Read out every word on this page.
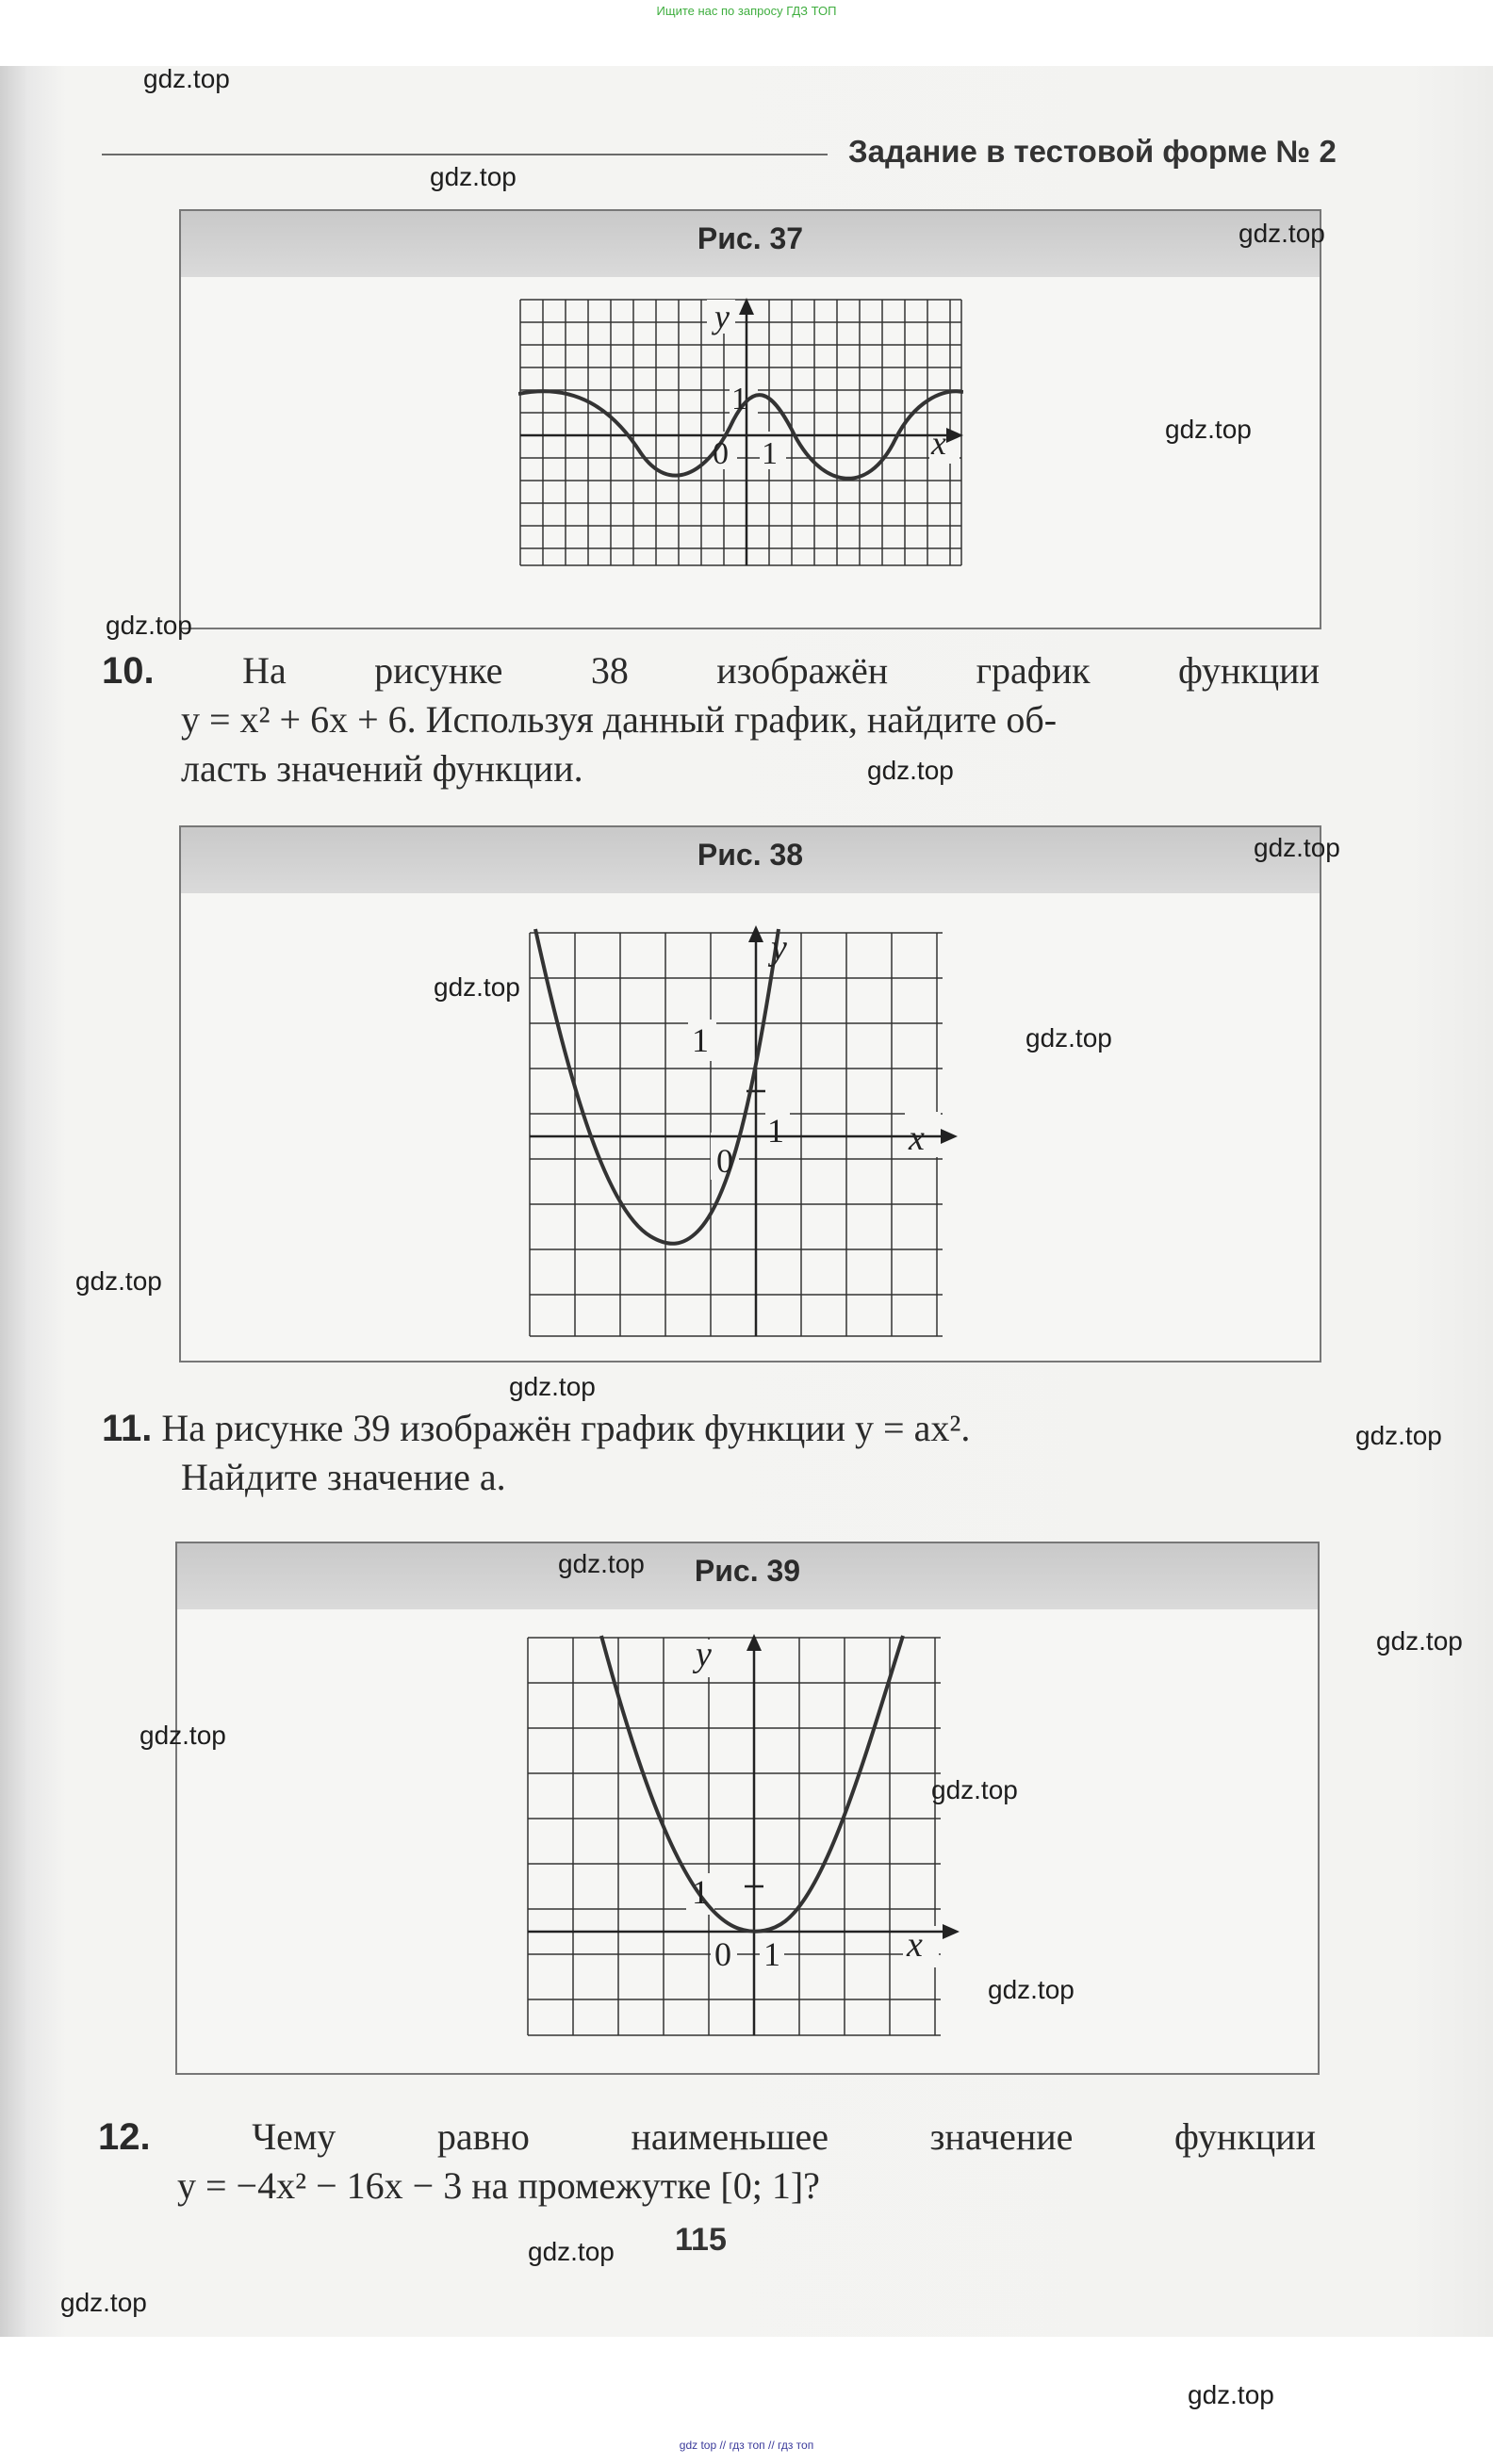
Ищите нас по запросу ГДЗ ТОП
Задание в тестовой форме № 2
Рис. 37
y
1
0 1	x
10. На рисунке 38 изображён график функции
y = x² + 6x + 6. Используя данный график, найдите об-
ласть значений функции.
Рис. 38
y
1
0
1	x
11. На рисунке 39 изображён график функции y = ax².
Найдите значение a.
Рис. 39
y
1
0 1	x
12.	Чему	равно	наименьшее	значение	функции
y = −4x² − 16x − 3 на промежутке [0; 1]?
115
gdz.top
gdz.top
gdz.top
gdz.top
gdz.top
gdz.top
gdz.top
gdz.top
gdz.top
gdz.top
gdz.top
gdz.top
gdz.top
gdz.top
gdz.top
gdz.top
gdz.top
gdz.top
gdz.top
gdz.top
gdz top // гдз топ // гдз топ
